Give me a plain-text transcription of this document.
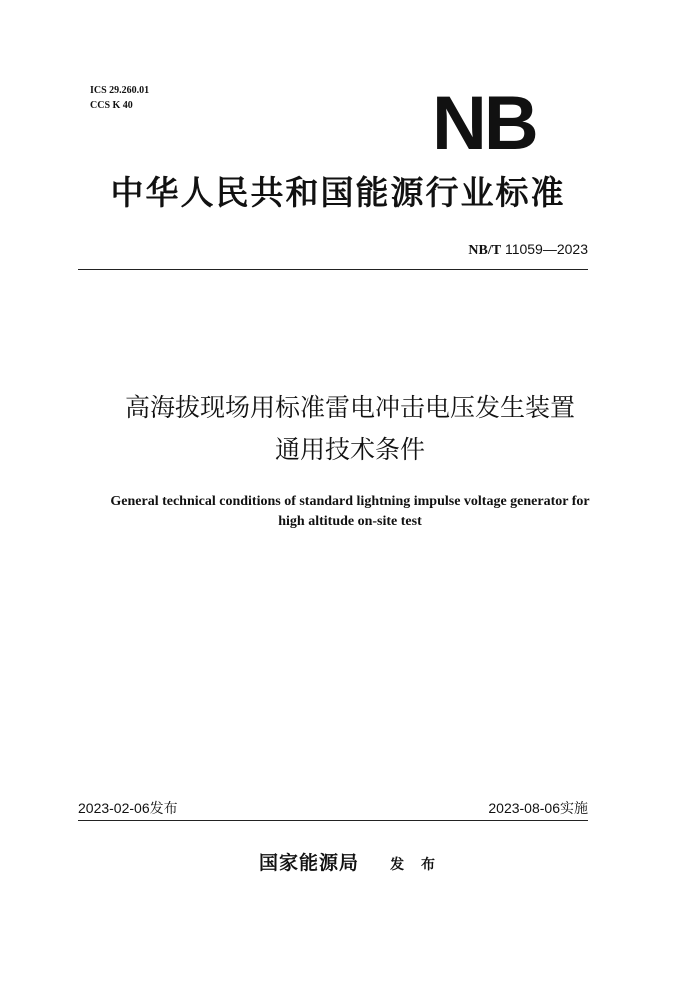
ICS 29.260.01
CCS K 40	NB
中华人民共和国能源行业标准
NB/T 11059—2023
高海拔现场用标准雷电冲击电压发生装置
通用技术条件
General technical conditions of standard lightning impulse voltage generator for
high altitude on-site test
2023-02-06发布	2023-08-06实施
国家能源局 发 布
